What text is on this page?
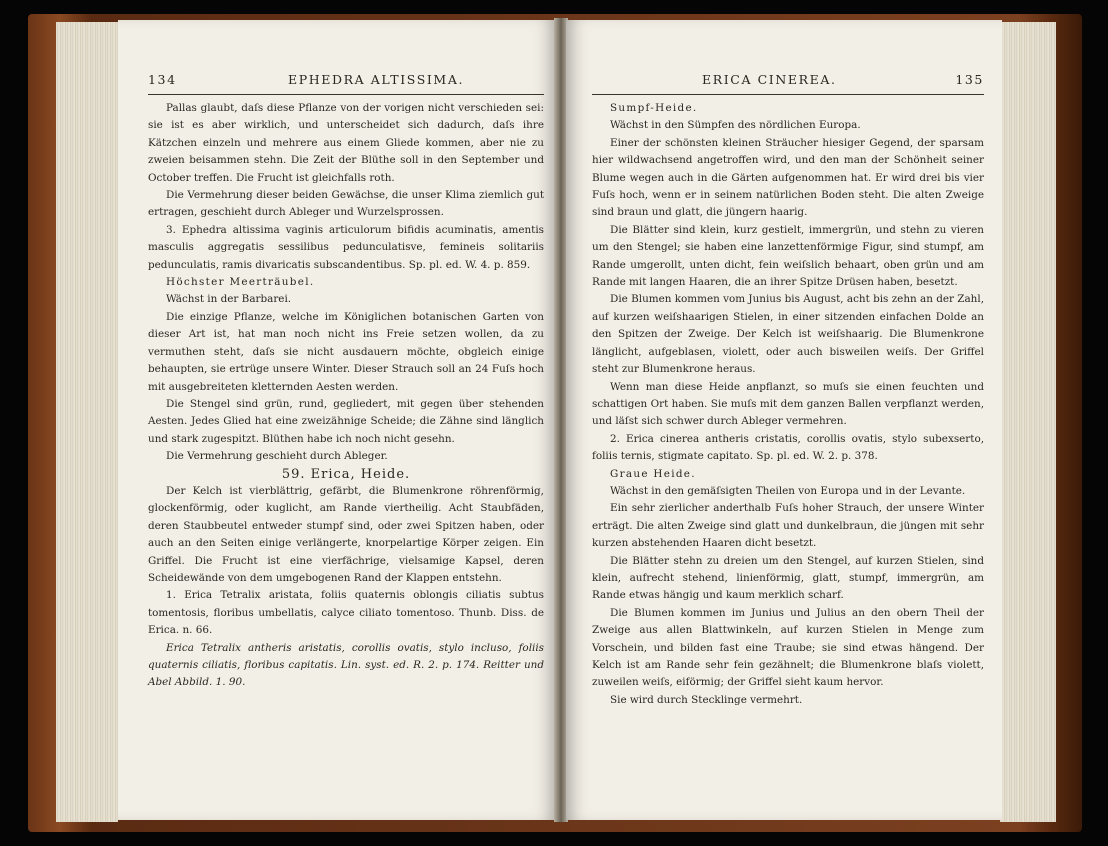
134	EPHEDRA ALTISSIMA.

Pallas glaubt, daſs diese Pflanze von der vorigen nicht verschieden sei: sie ist es aber wirklich, und unterscheidet sich dadurch, daſs ihre Kätzchen einzeln und mehrere aus einem Gliede kommen, aber nie zu zweien beisammen stehn. Die Zeit der Blüthe soll in den September und October treffen. Die Frucht ist gleichfalls roth.

Die Vermehrung dieser beiden Gewächse, die unser Klima ziemlich gut ertragen, geschieht durch Ableger und Wurzelsprossen.

3. Ephedra altissima vaginis articulorum bifidis acuminatis, amentis masculis aggregatis sessilibus pedunculatisve, femineis solitariis pedunculatis, ramis divaricatis subscandentibus. Sp. pl. ed. W. 4. p. 859.

Höchster Meerträubel.

Wächst in der Barbarei.

Die einzige Pflanze, welche im Königlichen botanischen Garten von dieser Art ist, hat man noch nicht ins Freie setzen wollen, da zu vermuthen steht, daſs sie nicht ausdauern möchte, obgleich einige behaupten, sie ertrüge unsere Winter. Dieser Strauch soll an 24 Fuſs hoch mit ausgebreiteten kletternden Aesten werden.

Die Stengel sind grün, rund, gegliedert, mit gegen über stehenden Aesten. Jedes Glied hat eine zweizähnige Scheide; die Zähne sind länglich und stark zugespitzt. Blüthen habe ich noch nicht gesehn.

Die Vermehrung geschieht durch Ableger.

59. Erica, Heide.

Der Kelch ist vierblättrig, gefärbt, die Blumenkrone röhrenförmig, glockenförmig, oder kuglicht, am Rande viertheilig. Acht Staubfäden, deren Staubbeutel entweder stumpf sind, oder zwei Spitzen haben, oder auch an den Seiten einige verlängerte, knorpelartige Körper zeigen. Ein Griffel. Die Frucht ist eine vierfächrige, vielsamige Kapsel, deren Scheidewände von dem umgebogenen Rand der Klappen entstehn.

1. Erica Tetralix aristata, foliis quaternis oblongis ciliatis subtus tomentosis, floribus umbellatis, calyce ciliato tomentoso. Thunb. Diss. de Erica. n. 66.

Erica Tetralix antheris aristatis, corollis ovatis, stylo incluso, foliis quaternis ciliatis, floribus capitatis. Lin. syst. ed. R. 2. p. 174. Reitter und Abel Abbild. 1. 90.

ERICA CINEREA.	135

Sumpf-Heide.

Wächst in den Sümpfen des nördlichen Europa.

Einer der schönsten kleinen Sträucher hiesiger Gegend, der sparsam hier wildwachsend angetroffen wird, und den man der Schönheit seiner Blume wegen auch in die Gärten aufgenommen hat. Er wird drei bis vier Fuſs hoch, wenn er in seinem natürlichen Boden steht. Die alten Zweige sind braun und glatt, die jüngern haarig.

Die Blätter sind klein, kurz gestielt, immergrün, und stehn zu vieren um den Stengel; sie haben eine lanzettenförmige Figur, sind stumpf, am Rande umgerollt, unten dicht, fein weiſslich behaart, oben grün und am Rande mit langen Haaren, die an ihrer Spitze Drüsen haben, besetzt.

Die Blumen kommen vom Junius bis August, acht bis zehn an der Zahl, auf kurzen weiſshaarigen Stielen, in einer sitzenden einfachen Dolde an den Spitzen der Zweige. Der Kelch ist weiſshaarig. Die Blumenkrone länglicht, aufgeblasen, violett, oder auch bisweilen weiſs. Der Griffel steht zur Blumenkrone heraus.

Wenn man diese Heide anpflanzt, so muſs sie einen feuchten und schattigen Ort haben. Sie muſs mit dem ganzen Ballen verpflanzt werden, und läſst sich schwer durch Ableger vermehren.

2. Erica cinerea antheris cristatis, corollis ovatis, stylo subexserto, foliis ternis, stigmate capitato. Sp. pl. ed. W. 2. p. 378.

Graue Heide.

Wächst in den gemäſsigten Theilen von Europa und in der Levante.

Ein sehr zierlicher anderthalb Fuſs hoher Strauch, der unsere Winter erträgt. Die alten Zweige sind glatt und dunkelbraun, die jüngen mit sehr kurzen abstehenden Haaren dicht besetzt.

Die Blätter stehn zu dreien um den Stengel, auf kurzen Stielen, sind klein, aufrecht stehend, linienförmig, glatt, stumpf, immergrün, am Rande etwas hängig und kaum merklich scharf.

Die Blumen kommen im Junius und Julius an den obern Theil der Zweige aus allen Blattwinkeln, auf kurzen Stielen in Menge zum Vorschein, und bilden fast eine Traube; sie sind etwas hängend. Der Kelch ist am Rande sehr fein gezähnelt; die Blumenkrone blaſs violett, zuweilen weiſs, eiförmig; der Griffel sieht kaum hervor.

Sie wird durch Stecklinge vermehrt.
